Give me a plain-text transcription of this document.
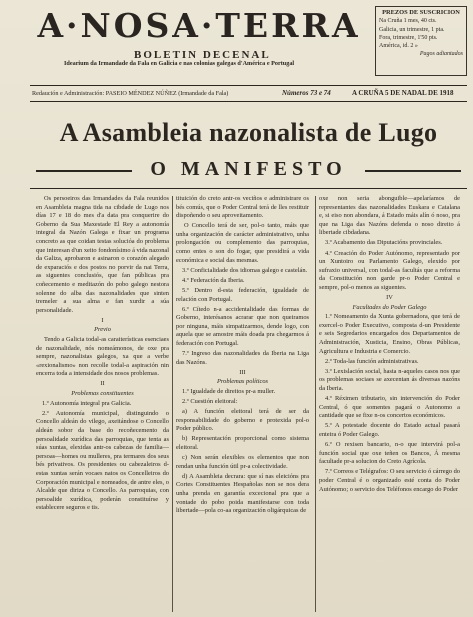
A·NOSA·TERRA
BOLETIN DECENAL
Idearium da Irmandade da Fala en Galicia e nas colonias galegas d'América e Portugal
PREZOS DE SUSCRICION
Na Cruña 1 mes, 40 cts.
Galicia, un trimestre, 1 pta.
Fora, trimestre, 1'50 pts.
América, id. 2 »
Pagos adiantados
Redaución e Administración: PASEIO MÉNDEZ NÚÑEZ (Irmandade da Fala)	Números 73 e 74	A CRUÑA 5 DE NADAL DE 1918
A Asambleia nazonalista de Lugo
O MANIFESTO

Os persoeiros das Irmandades da Fala reunidos en Asambleia magna tida na cibdade de Lugo nos días 17 e 18 do mes d'a data pra conquerire do Goberno da Sua Maxestade El Rey a autonomía integral da Nazón Galega e fixar un programa concreto as que coidan testas solucióa do problema que interesan d'un xeito fondonísimo á vida nazonal da Galiza, aprobaron e asinaron o corazón alegado de exparaciós e dos postos no porvir da nai Terra, as siguentes conclusiós, que fan públicas pra coñecemento e meditazón do pobo galego nestora solenne do alba das nazonalidades que sinten tremeler a sua alma e fan xurdir a súa personalidade.

I

Previo

Tendo a Galicia todal-as caraiterísticas esenciaes de nazonalidade, nós nomeámonos, de oxe pra sempre, nazonalistas galegos, xa que a verbe «rexionalismo» non recolle todal-a aspiración nin encerra toda a intensidade dos nosos problemas.

II

Problemas constituentes

1.º Autonomía integral pra Galicia.

2.º Autonomía municipal, distinguindo o Concello aldeán do vilego, axeitándose o Concello aldeán sobor da base do recoñecemento da persoalidade xurídica das parroquias, que tenta as súas xuntas, elexidas antr-os cabezas de familia—persoas—homes ou mulleres, pra termares dos seus bés privativos. Os presidentes ou cabezaleiros d-estas xuntas serán vocaes natos os Concelleiros do Corporación municipal e nomeados, de antre eles, o Alcalde que diriza o Concello. As parroquias, con persoalide xurídica, poderán constituírse y establecere seguros e tis.

tituición do creto antr-os veciños e administrare os bés comús, que o Poder Central terá de lles restituir dispoñendo o seu aproveitamento.

O Concello terá de ser, pol-o tanto, máis que unha organización de carácter administrativo, unha prolongación ou complemento das parroquias, como entes o son do fogar, que presidirá a vida económica e social das mesmas.

3.º Conficialidade dos idiomas galego e castelán.

4.º Federación da Iberia.

5.º Dentro d-esta federación, igualdade de relación con Portugal.

6.º Cítedo n-a accidentalidade das formas de Goberno, interésanos acrarar que non queiramos por ninguna, máis simpatizarmos, dende logo, con aquela que se amostre máis doada pra chegarmos á federación con Portugal.

7.º Ingreso das nazonalidades da Iberia na Liga das Nazóns.

III

Problemas políticos

1.º Igualdade de direitos pr-a muller.

2.º Cuestión eleitoral:

a) A función eleitoral terá de ser da responsabilidade do goberno e protexida pol-o Poder público.

b) Representación proporcional como sistema eleitoral.

c) Non serán elexibles os elementos que non rendan unha función útil pr-a colectividade.

d) A Asambleia decrara: que sí nas eleicións pra Cortes Constituentes Hespañolas non se nos dera unha prenda en garantía excecional pra que a vontade do pobo poida manifestarse con toda libertade—pola co-aa organización oligárquicas de

oxe non seria abonguible—apelaríamos de representantes das nazonalidades Euskara e Catalana e, si eiso non abondara, á Estado máis alín ó noso, pra que na Liga das Nazóns defenda o noso direito á libertade cibdadana.

3.º Acabamento das Diputacións provinciales.

4.º Creación do Poder Autónomo, representado por un Xuntoiro ou Parlamento Galego, elexido por sufraxio universal, con todal-as facultás que a reforma da Constitución non garde pr-o Poder Central e sempre, pol-o menos as siguentes.

IV

Facultades do Poder Galego

1.º Nomeamento da Xunta gobernadora, que terá de exercel-o Poder Executivo, composta d-un Presidente e seis Segredarios encargados dos Departamentos de Administración, Xusticia, Ensino, Obras Públicas, Agricultura e Industria e Comercio.

2.º Toda-las función administrativas.

3.º Lexislación social, hasta n-aqueles casos nos que os problemas sociaes se axecentan ás diversas nazóns da Iberia.

4.º Réximen tributario, sin intervención do Poder Central, ó que somentes pagará o Autonomo a cantidade que se fixe n-os concertos económicos.

5.º A potestade docente do Estado actual pasará enteira ó Poder Galego.

6.º O rexisen bancario, n-o que intervirá pol-a función social que oxe teñen os Bancos, Á mesma facultade pr-a solucion do Creto Agrícola.

7.º Correos e Telégrafos: O seu servicio ó cárrego do poder Central é o organizado esté conta do Poder Autónomo; o servicio dos Teléfonos encargo do Poder
